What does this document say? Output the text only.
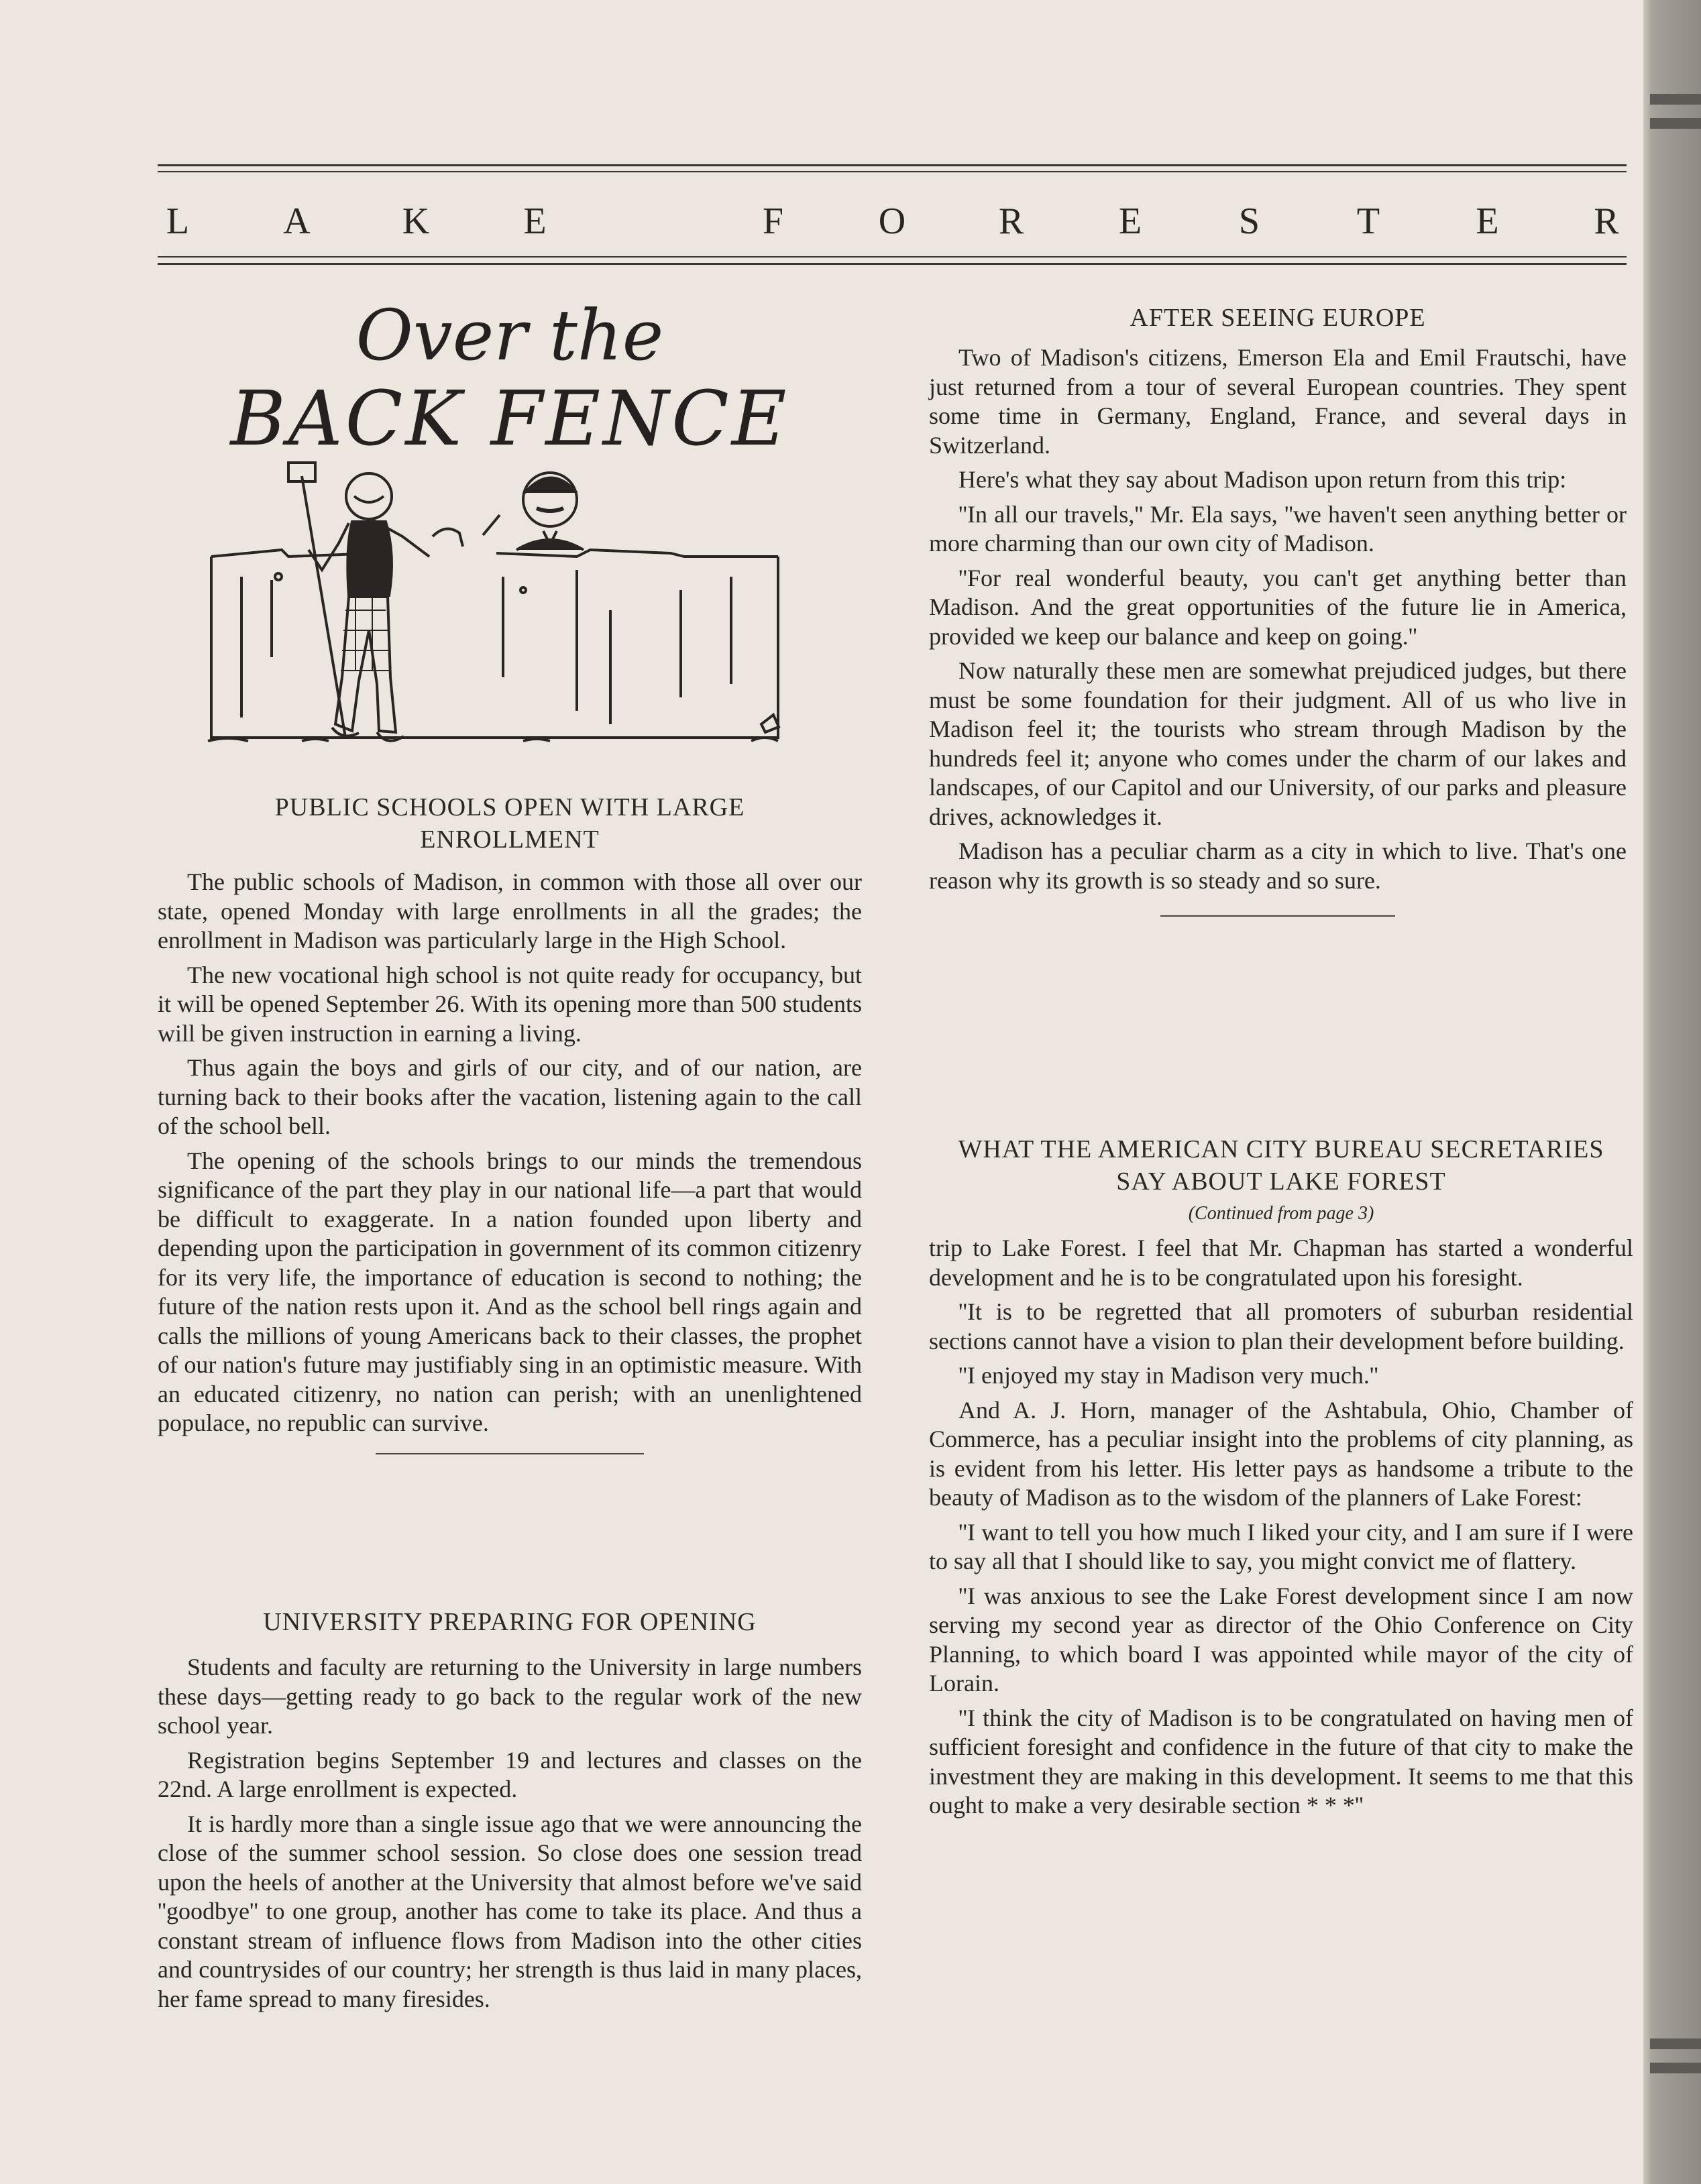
L	A K	E	F	O R	E	S	T	E	R
Over the
BACK FENCE
PUBLIC SCHOOLS OPEN WITH LARGE ENROLLMENT

The public schools of Madison, in common with those all over our state, opened Monday with large enrollments in all the grades; the enrollment in Madison was particularly large in the High School.

The new vocational high school is not quite ready for occupancy, but it will be opened September 26. With its opening more than 500 students will be given instruction in earning a living.

Thus again the boys and girls of our city, and of our nation, are turning back to their books after the vacation, listening again to the call of the school bell.

The opening of the schools brings to our minds the tremendous significance of the part they play in our national life—a part that would be difficult to exaggerate. In a nation founded upon liberty and depending upon the participation in government of its common citizenry for its very life, the importance of education is second to nothing; the future of the nation rests upon it. And as the school bell rings again and calls the millions of young Americans back to their classes, the prophet of our nation's future may justifiably sing in an optimistic measure. With an educated citizenry, no nation can perish; with an unenlightened populace, no republic can survive.

UNIVERSITY PREPARING FOR OPENING

Students and faculty are returning to the University in large numbers these days—getting ready to go back to the regular work of the new school year.

Registration begins September 19 and lectures and classes on the 22nd. A large enrollment is expected.

It is hardly more than a single issue ago that we were announcing the close of the summer school session. So close does one session tread upon the heels of another at the University that almost before we've said ''goodbye'' to one group, another has come to take its place. And thus a constant stream of influence flows from Madison into the other cities and countrysides of our country; her strength is thus laid in many places, her fame spread to many firesides.

AFTER SEEING EUROPE

Two of Madison's citizens, Emerson Ela and Emil Frautschi, have just returned from a tour of several European countries. They spent some time in Germany, England, France, and several days in Switzerland.

Here's what they say about Madison upon return from this trip:

''In all our travels,'' Mr. Ela says, ''we haven't seen anything better or more charming than our own city of Madison.

''For real wonderful beauty, you can't get anything better than Madison. And the great opportunities of the future lie in America, provided we keep our balance and keep on going.''

Now naturally these men are somewhat prejudiced judges, but there must be some foundation for their judgment. All of us who live in Madison feel it; the tourists who stream through Madison by the hundreds feel it; anyone who comes under the charm of our lakes and landscapes, of our Capitol and our University, of our parks and pleasure drives, acknowledges it.

Madison has a peculiar charm as a city in which to live. That's one reason why its growth is so steady and so sure.

WHAT THE AMERICAN CITY BUREAU SECRETARIES SAY ABOUT LAKE FOREST
(Continued from page 3)

trip to Lake Forest. I feel that Mr. Chapman has started a wonderful development and he is to be congratulated upon his foresight.

''It is to be regretted that all promoters of suburban residential sections cannot have a vision to plan their development before building.

''I enjoyed my stay in Madison very much.''

And A. J. Horn, manager of the Ashtabula, Ohio, Chamber of Commerce, has a peculiar insight into the problems of city planning, as is evident from his letter. His letter pays as handsome a tribute to the beauty of Madison as to the wisdom of the planners of Lake Forest:

''I want to tell you how much I liked your city, and I am sure if I were to say all that I should like to say, you might convict me of flattery.

''I was anxious to see the Lake Forest development since I am now serving my second year as director of the Ohio Conference on City Planning, to which board I was appointed while mayor of the city of Lorain.

''I think the city of Madison is to be congratulated on having men of sufficient foresight and confidence in the future of that city to make the investment they are making in this development. It seems to me that this ought to make a very desirable section * * *''
